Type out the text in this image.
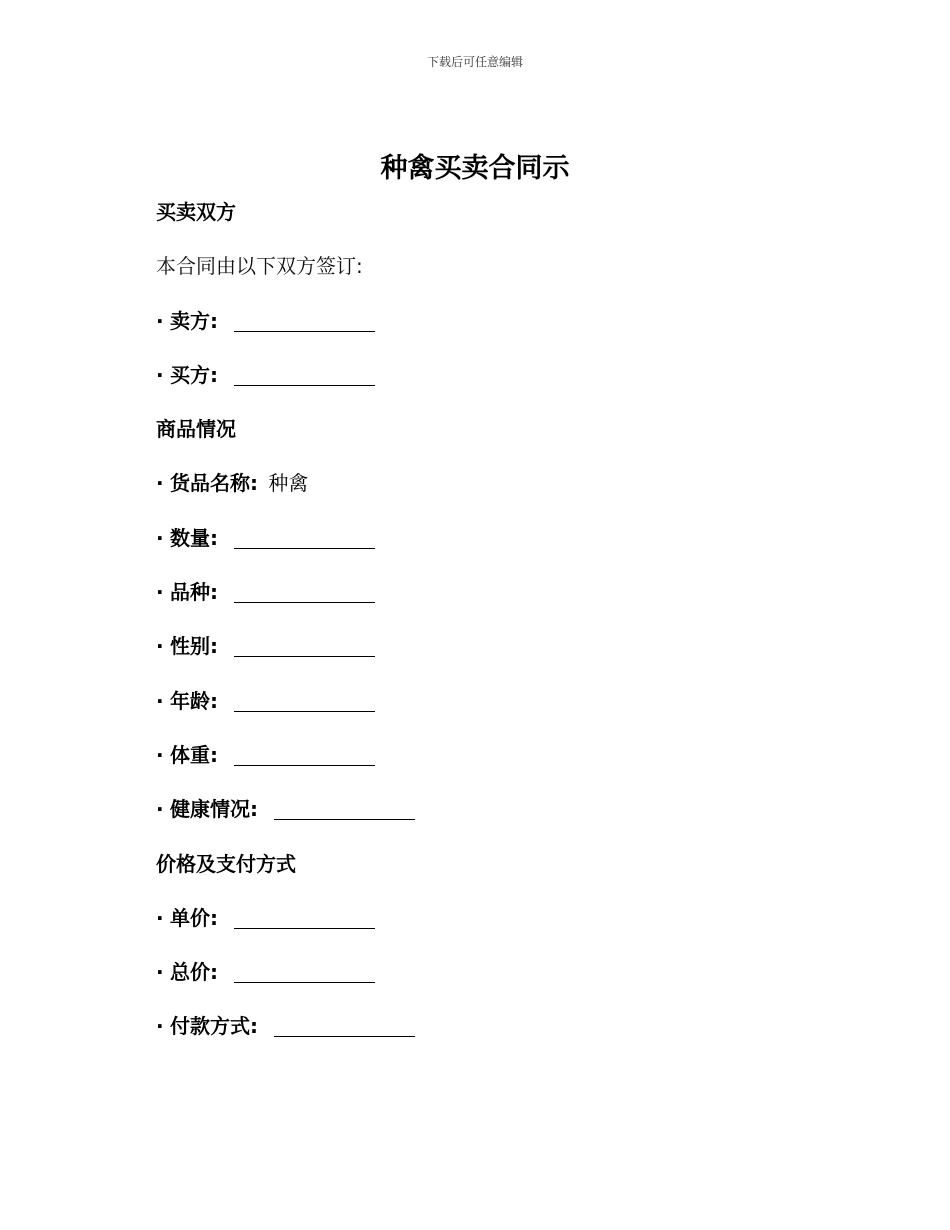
下载后可任意编辑
种禽买卖合同示
买卖双方
本合同由以下双方签订:
· 卖方:
· 买方:
商品情况
· 货品名称: 种禽
· 数量:
· 品种:
· 性别:
· 年龄:
· 体重:
· 健康情况:
价格及支付方式
· 单价:
· 总价:
· 付款方式:
